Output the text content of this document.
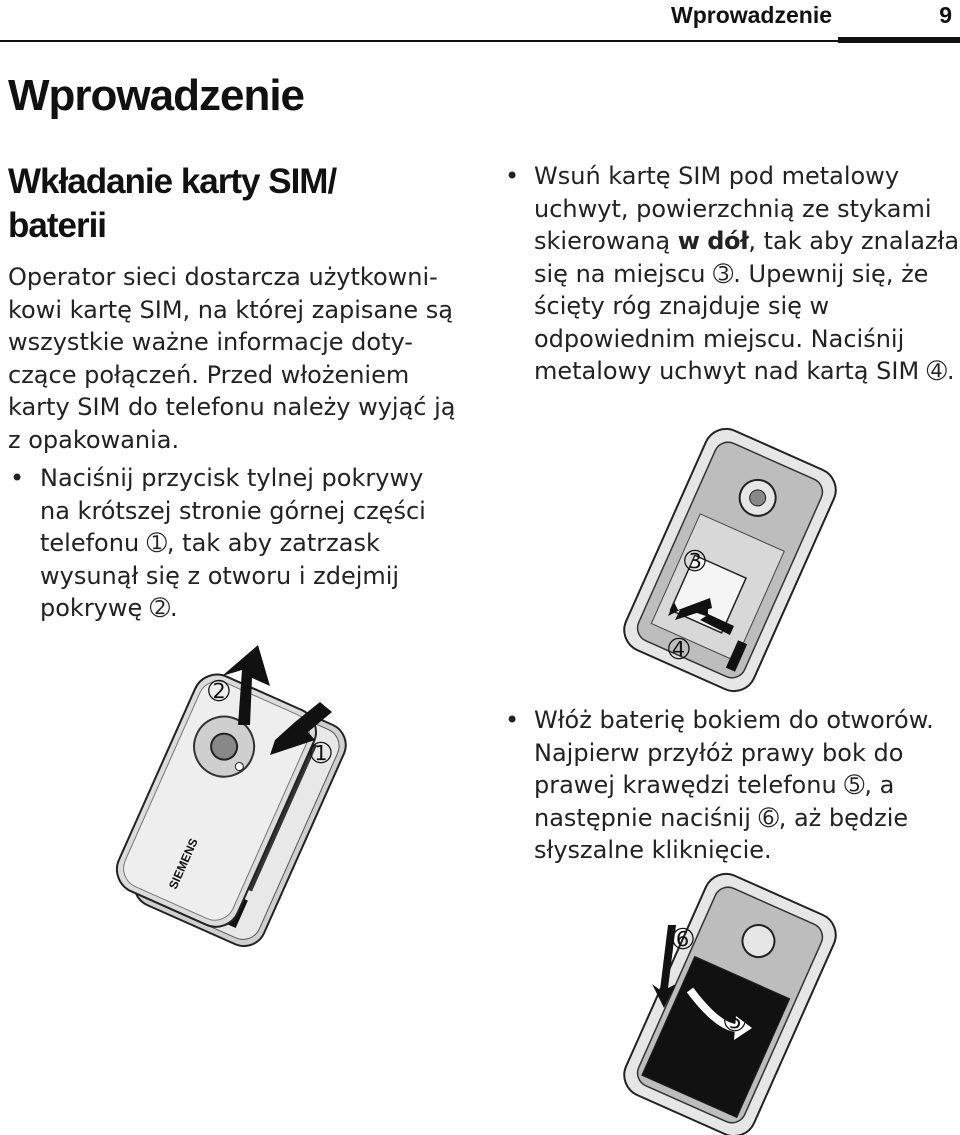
Wprowadzenie	9
Wprowadzenie
Wkładanie karty SIM/ baterii

Operator sieci dostarcza użytkowni-kowi kartę SIM, na której zapisane są wszystkie ważne informacje doty-czące połączeń. Przed włożeniem karty SIM do telefonu należy wyjąć ją z opakowania.

• Naciśnij przycisk tylnej pokrywy na krótszej stronie górnej części telefonu ➀, tak aby zatrzask wysunął się z otworu i zdejmij pokrywę ➁.

• Wsuń kartę SIM pod metalowy uchwyt, powierzchnią ze stykami skierowaną w dół, tak aby znalazła się na miejscu ➂. Upewnij się, że ścięty róg znajduje się w odpowiednim miejscu. Naciśnij metalowy uchwyt nad kartą SIM ➃.

• Włóż baterię bokiem do otworów. Najpierw przyłóż prawy bok do prawej krawędzi telefonu ➄, a następnie naciśnij ➅, aż będzie słyszalne kliknięcie.

SIEMENS
➁
➀
➂
➃
➅
➄
